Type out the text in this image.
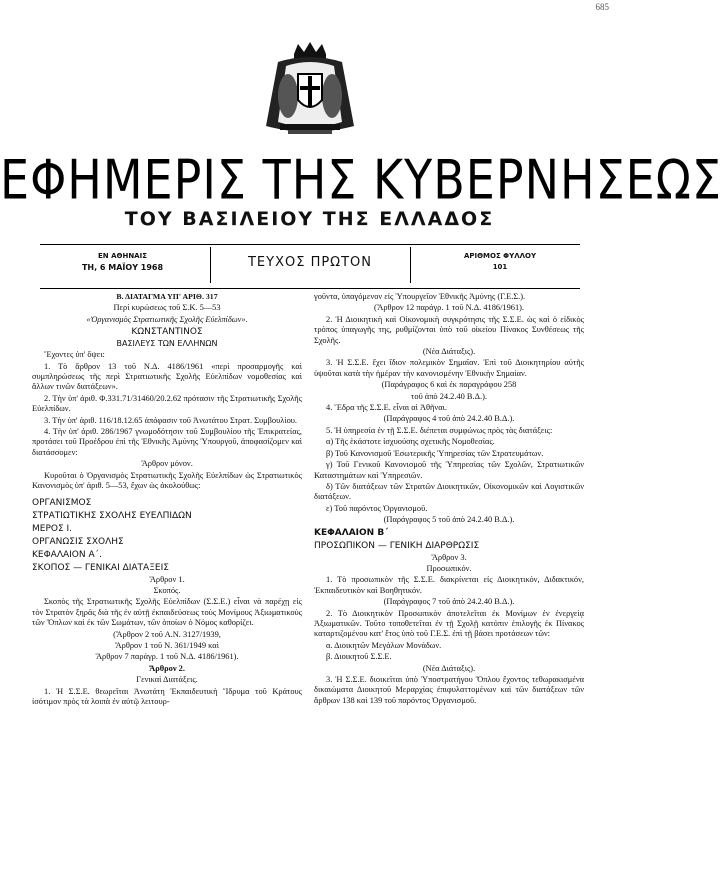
685
ΕΦΗΜΕΡΙΣ ΤΗΣ ΚΥΒΕΡΝΗΣΕΩΣ
ΤΟΥ ΒΑΣΙΛΕΙΟΥ ΤΗΣ ΕΛΛΑΔΟΣ
ΕΝ ΑΘΗΝΑΙΣ
ΤΗ, 6 ΜΑΪΟΥ 1968	ΤΕΥΧΟΣ ΠΡΩΤΟΝ	ΑΡΙΘΜΟΣ ΦΥΛΛΟΥ
101

Β. ΔΙΑΤΑΓΜΑ ΥΠ' ΑΡΙΘ. 317

Περί κυρώσεως τοῦ Σ.Κ. 5—53

«Ὀργανισμὸς Στρατιωτικῆς Σχολῆς Εὐελπίδων».

ΚΩΝΣΤΑΝΤΙΝΟΣ

ΒΑΣΙΛΕΥΣ ΤΩΝ ΕΛΛΗΝΩΝ

Ἔχοντες ὑπ' ὄψει:

1. Τὸ ἄρθρον 13 τοῦ Ν.Δ. 4186/1961 «περὶ προσαρμογῆς καὶ συμπληρώσεως τῆς περὶ Στρατιωτικῆς Σχολῆς Εὐελπίδων νομοθεσίας καὶ ἄλλων τινῶν διατάξεων».

2. Τὴν ὑπ' ἀριθ. Φ.331.71/31460/20.2.62 πρότασιν τῆς Στρατιωτικῆς Σχολῆς Εὐελπίδων.

3. Τὴν ὑπ' ἀριθ. 116/18.12.65 ἀπόφασιν τοῦ Ἀνωτάτου Στρατ. Συμβουλίου.

4. Τὴν ὑπ' ἀριθ. 286/1967 γνωμοδότησιν τοῦ Συμβουλίου τῆς Ἐπικρατείας, προτάσει τοῦ Προέδρου ἐπὶ τῆς Ἐθνικῆς Ἀμύνης Ὑπουργοῦ, ἀποφασίζομεν καὶ διατάσσομεν:

Ἄρθρον μόνον.

Κυροῦται ὁ Ὀργανισμὸς Στρατιωτικῆς Σχολῆς Εὐελπίδων ὡς Στρατιωτικὸς Κανονισμὸς ὑπ' ἀριθ. 5—53, ἔχων ὡς ἀκολούθως:

ΟΡΓΑΝΙΣΜΟΣ

ΣΤΡΑΤΙΩΤΙΚΗΣ ΣΧΟΛΗΣ ΕΥΕΛΠΙΔΩΝ

ΜΕΡΟΣ Ι.

ΟΡΓΑΝΩΣΙΣ ΣΧΟΛΗΣ

ΚΕΦΑΛΑΙΟΝ Α΄.

ΣΚΟΠΟΣ — ΓΕΝΙΚΑΙ ΔΙΑΤΑΞΕΙΣ

Ἄρθρον 1.

Σκοπός.

Σκοπὸς τῆς Στρατιωτικῆς Σχολῆς Εὐελπίδων (Σ.Σ.Ε.) εἶναι νὰ παρέχῃ εἰς τὸν Στρατὸν ξηρᾶς διὰ τῆς ἐν αὐτῇ ἐκπαιδεύσεως τοὺς Μονίμους Ἀξιωματικοὺς τῶν Ὅπλων καὶ ἐκ τῶν Σωμάτων, τῶν ὁποίων ὁ Νόμος καθορίζει.

(Ἄρθρον 2 τοῦ Α.Ν. 3127/1939,

Ἄρθρον 1 τοῦ Ν. 361/1949 καὶ

Ἄρθρον 7 παράγρ. 1 τοῦ Ν.Δ. 4186/1961).

Ἄρθρον 2.

Γενικαὶ Διατάξεις.

1. Ἡ Σ.Σ.Ε. θεωρεῖται Ἀνωτάτη Ἐκπαιδευτικὴ Ἵδρυμα τοῦ Κράτους ἰσότιμον πρὸς τὰ λοιπὰ ἐν αὐτῷ λειτουρ-

γοῦντα, ὑπαγόμενον εἰς Ὑπουργεῖον Ἐθνικῆς Ἀμύνης (Γ.Ε.Σ.).

(Ἄρθρον 12 παράγρ. 1 τοῦ Ν.Δ. 4186/1961).

2. Ἡ Διοικητικὴ καὶ Οἰκονομικὴ συγκρότησις τῆς Σ.Σ.Ε. ὡς καὶ ὁ εἰδικὸς τρόπος ὑπαγωγῆς της, ρυθμίζονται ὑπὸ τοῦ οἰκείου Πίνακος Συνθέσεως τῆς Σχολῆς.

(Νέα Διάταξις).

3. Ἡ Σ.Σ.Ε. ἔχει ἴδιον πολεμικὸν Σημαῖαν. Ἐπὶ τοῦ Διοικητηρίου αὐτῆς ὑψοῦται κατὰ τὴν ἡμέραν τὴν κανονισμένην Ἐθνικὴν Σημαίαν.

(Παράγραφος 6 καὶ ἐκ παραγράφου 258

τοῦ ἀπὸ 24.2.40 Β.Δ.).

4. Ἕδρα τῆς Σ.Σ.Ε. εἶναι αἱ Ἀθῆναι.

(Παράγραφος 4 τοῦ ἀπὸ 24.2.40 Β.Δ.).

5. Ἡ ὑπηρεσία ἐν τῇ Σ.Σ.Ε. διέπεται συμφώνως πρὸς τὰς διατάξεις:

α) Τῆς ἑκάστοτε ἰσχυούσης σχετικῆς Νομοθεσίας.

β) Τοῦ Κανονισμοῦ Ἐσωτερικῆς Ὑπηρεσίας τῶν Στρατευμάτων.

γ) Τοῦ Γενικοῦ Κανονισμοῦ τῆς Ὑπηρεσίας τῶν Σχολῶν, Στρατιωτικῶν Καταστημάτων καὶ Ὑπηρεσιῶν.

δ) Τῶν διατάξεων τῶν Στρατῶν Διοικητικῶν, Οἰκονομικῶν καὶ Λογιστικῶν διατάξεων.

ε) Τοῦ παρόντος Ὀργανισμοῦ.

(Παράγραφος 5 τοῦ ἀπὸ 24.2.40 Β.Δ.).

ΚΕΦΑΛΑΙΟΝ Β΄

ΠΡΟΣΩΠΙΚΟΝ — ΓΕΝΙΚΗ ΔΙΑΡΘΡΩΣΙΣ

Ἄρθρον 3.

Προσωπικόν.

1. Τὸ προσωπικὸν τῆς Σ.Σ.Ε. διακρίνεται εἰς Διοικητικόν, Διδακτικόν, Ἐκπαιδευτικὸν καὶ Βοηθητικόν.

(Παράγραφος 7 τοῦ ἀπὸ 24.2.40 Β.Δ.).

2. Τὸ Διοικητικὸν Προσωπικὸν ἀποτελεῖται ἐκ Μονίμων ἐν ἐνεργείᾳ Ἀξιωματικῶν. Τοῦτο τοποθετεῖται ἐν τῇ Σχολῇ κατόπιν ἐπιλογῆς ἐκ Πίνακος καταρτιζομένου κατ' ἔτος ὑπὸ τοῦ Γ.Ε.Σ. ἐπὶ τῇ βάσει προτάσεων τῶν:

α. Διοικητῶν Μεγάλων Μονάδων.

β. Διοικητοῦ Σ.Σ.Ε.

(Νέα Διάταξις).

3. Ἡ Σ.Σ.Ε. διοικεῖται ὑπὸ Ὑποστρατήγου Ὅπλου ἔχοντος τεθωρακισμένα δικαιώματα Διοικητοῦ Μεραρχίας ἐπιφυλαττομένων καὶ τῶν διατάξεων τῶν ἄρθρων 138 καὶ 139 τοῦ παρόντος Ὀργανισμοῦ.
